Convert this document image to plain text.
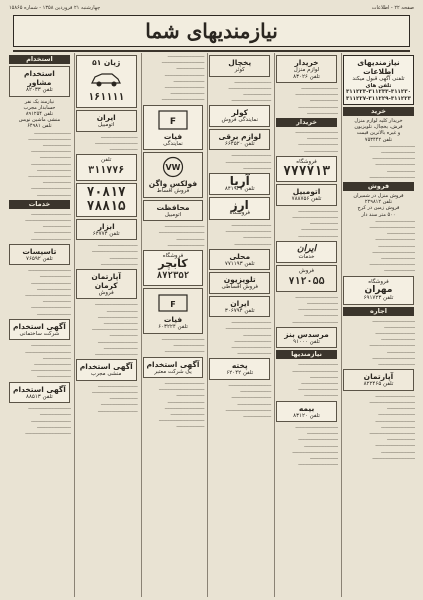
صفحه ۲۲ - اطلاعات
چهارشنبه ۲۱ فروردین ۱۳۵۸ - شماره ۱۵۸۶۵
نیازمندیهای شما
نیازمندیهای اطلاعات
تلفنی آگهی قبول میکند
تلفن های ۳۱۱۲۳۰-۳۱۱۲۳۳-۳۱۱۲۲۳
۳۱۱۲۲۷-۳۱۱۲۲۹-۳۱۱۲۲۳
خرید
خریدار کلیه لوازم منزل
فرش، یخچال، تلویزیون
و غیره بالاترین قیمت
تلفن ۷۵۳۴۴۲
ـــــــــــــــــــــــــــــــ
ـــــــــــــــــــــــ
ـــــــــــــــــــــــــــــ
ـــــــــــــــــــــــــــ
ـــــــــــــــــــ
ـــــــــــــــــــــــــــــــ
فروش
فروش منزل در شمیران
تلفن ۲۲۹۸۱۲
فروش زمین در کرج
۵۰۰ متر سند دار
ـــــــــــــــــــــــــــ
ـــــــــــــــــــــــــــــــ
ـــــــــــــــــــ
ـــــــــــــــــــــــــــ
ـــــــــــــــــــــــــ
ـــــــــــــــــــــــــــــ
ـــــــــــــــــــــــ
ـــــــــــــــــــــــــــــــ
ـــــــــــــــــــــ
فروشگاه
مهران
تلفن ۶۹۱۷۲۳
اجاره
ـــــــــــــــــــــــــــــ
ـــــــــــــــــــــ
ـــــــــــــــــــــــــــ
ـــــــــــــــــــــــ
ـــــــــــــــــــــــــــــــ
ـــــــــــــــــــ
ـــــــــــــــــــــــــــــ
ـــــــــــــــــــــــــ
آپارتمان
تلفن ۸۲۲۴۶۵
ـــــــــــــــــــــــــــ
ـــــــــــــــــــــــــــــــ
ـــــــــــــــــــ
ـــــــــــــــــــــــــ
ـــــــــــــــــــــــــــ
ـــــــــــــــــــــــ
ـــــــــــــــــــــــــــــــ
ـــــــــــــــــــ
ـــــــــــــــــــــــــــ
ـــــــــــــــــــــــ
ـــــــــــــــــــــــــــــ
خریدار
لوازم منزل
تلفن ۸۳۰۲۶
ـــــــــــــــــــــــــ
ـــــــــــــــــــــــــــــ
ـــــــــــــــــــ
ـــــــــــــــــــــــــــ
ـــــــــــــــــــــ
خریدار
ـــــــــــــــــــــــــــــ
ـــــــــــــــــــــ
ـــــــــــــــــــــــــــ
ـــــــــــــــــــــــ
فروشگاه
۷۷۷۷۱۳
اتومبیل
تلفن ۷۸۸۷۵۶
ـــــــــــــــــــــــــــ
ـــــــــــــــــــــــــــــــ
ـــــــــــــــــــ
ـــــــــــــــــــــــــ
ـــــــــــــــــــــــــــ
ایران
خدمات
فروش
۷۱۲۰۵۵
ـــــــــــــــــــــــــــــ
ـــــــــــــــــــــ
ـــــــــــــــــــــــــــ
ـــــــــــــــــــــــ
ـــــــــــــــــــــــــــــــ
مرسدس بنز
تلفن ۹۱۰۰۰
نیازمندیها
ـــــــــــــــــــــــــــ
ـــــــــــــــــــــــــــــــ
ـــــــــــــــــــ
ـــــــــــــــــــــــــ
ـــــــــــــــــــــــــــ
ـــــــــــــــــــــــ
بیمه
تلفن ۸۳۱۲۰
ـــــــــــــــــــــــــــــ
ـــــــــــــــــــــ
ـــــــــــــــــــــــــــ
ـــــــــــــــــــــــ
ـــــــــــــــــــــــــــــــ
ـــــــــــــــــــ
ـــــــــــــــــــــــــــ
یخچال
کوثر
ـــــــــــــــــــــــــ
ـــــــــــــــــــــــــــــ
ـــــــــــــــــــ
ـــــــــــــــــــــــــــ
کولر
نمایندگی فروش
لوازم برقی
تلفن ۶۶۴۵۲۰
ـــــــــــــــــــــــــــ
ـــــــــــــــــــــــــــــــ
ـــــــــــــــــــ
آریا
تلفن ۸۴۱۹۳۷
ارز
فروشگاه
ـــــــــــــــــــــــــــ
ـــــــــــــــــــــــــــــــ
ـــــــــــــــــــ
ـــــــــــــــــــــــــ
محلی
تلفن ۷۷۱۱۹۳
تلویزیون
فروش اقساطی
ایران
تلفن ۳۰۶۷۹۴
ـــــــــــــــــــــــــــ
ـــــــــــــــــــــــــــــــ
ـــــــــــــــــــ
ـــــــــــــــــــــــــ
ـــــــــــــــــــــــــــ
ـــــــــــــــــــــــ
پخته
تلفن ۶۲۰۴۲
ـــــــــــــــــــــــــــــ
ـــــــــــــــــــــ
ـــــــــــــــــــــــــــ
ـــــــــــــــــــــــ
ـــــــــــــــــــــــــــــــ
ـــــــــــــــــــ
ـــــــــــــــــــــــــ
ـــــــــــــــــــــــــــــ
ـــــــــــــــــــ
ـــــــــــــــــــــــــــ
ـــــــــــــــــــــ
ـــــــــــــــــــــــــــ
ـــــــــــــــــــــــ
ـــــــــــــــــــــــــــــ
F
فیات
نمایندگی
VW
فولکس واگن
فروش اقساط
محافظت
اتومبیل
ـــــــــــــــــــــــــــ
ـــــــــــــــــــــــــــــــ
ـــــــــــــــــــ
ـــــــــــــــــــــــــ
فروشگاه
کابچر
۸۷۲۳۵۲
F
فیات
تلفن ۶۰۳۲۲۴
ـــــــــــــــــــــــــــــ
ـــــــــــــــــــــ
ـــــــــــــــــــــــــــ
آگهی استخدام
یک شرکت معتبر
ـــــــــــــــــــــــــــ
ـــــــــــــــــــــــــــــــ
ـــــــــــــــــــ
ـــــــــــــــــــــــــ
ـــــــــــــــــــــــــــ
ـــــــــــــــــــــــ
ـــــــــــــــــــــــــــــــ
ـــــــــــــــــــ
ژیان ۵۱
۱۶۱۱۱۱
ایران
اتومبیل
ـــــــــــــــــــــــــ
ـــــــــــــــــــــــــــــ
ـــــــــــــــــــ
تلفن
۳۱۱۷۷۶
۷۰۸۱۷
۷۸۸۱۵
ابزار
تلفن ۶۴۷۷۴
ـــــــــــــــــــــــــــ
ـــــــــــــــــــــــــــــــ
ـــــــــــــــــــ
ـــــــــــــــــــــــــ
آپارتمان کرمان
فروش
ـــــــــــــــــــــــــــــ
ـــــــــــــــــــــ
ـــــــــــــــــــــــــــ
ـــــــــــــــــــــــ
ـــــــــــــــــــــــــــــــ
ـــــــــــــــــــ
ـــــــــــــــــــــــــــ
ـــــــــــــــــــــــ
ـــــــــــــــــــــــــــــ
آگهی استخدام
منشی مجرب
ـــــــــــــــــــــــــــ
ـــــــــــــــــــــــــــــــ
ـــــــــــــــــــ
ـــــــــــــــــــــــــ
ـــــــــــــــــــــــــــ
استخدام
استخدام مشاور
تلفن ۸۲۰۳۳
نیازمند یک نفر
حسابدار مجرب
تلفن ۸۹۱۲۵۴
منشی ماشین نویس
تلفن ۶۴۹۸۱
ـــــــــــــــــــــــــ
ـــــــــــــــــــــــــــــ
ـــــــــــــــــــ
ـــــــــــــــــــــــــــ
ـــــــــــــــــــــ
ـــــــــــــــــــــــــــ
ـــــــــــــــــــــــ
ـــــــــــــــــــــــــــــ
ـــــــــــــــــــ
ـــــــــــــــــــــــــــ
ـــــــــــــــــــــــ
خدمات
ـــــــــــــــــــــــــــ
ـــــــــــــــــــــــــــــــ
ـــــــــــــــــــ
ـــــــــــــــــــــــــ
ـــــــــــــــــــــــــــ
تاسیسات
تلفن ۷۶۵۹۲
ـــــــــــــــــــــــــــــ
ـــــــــــــــــــــ
ـــــــــــــــــــــــــــ
ـــــــــــــــــــــــ
ـــــــــــــــــــــــــــــــ
ـــــــــــــــــــ
ـــــــــــــــــــــــــــ
ـــــــــــــــــــــــ
آگهی استخدام
شرکت ساختمانی
ـــــــــــــــــــــــــــ
ـــــــــــــــــــــــــــــــ
ـــــــــــــــــــ
ـــــــــــــــــــــــــ
ـــــــــــــــــــــــــــ
ـــــــــــــــــــــــ
آگهی استخدام
تلفن ۸۸۵۱۳
ـــــــــــــــــــــــــــــ
ـــــــــــــــــــــ
ـــــــــــــــــــــــــــ
ـــــــــــــــــــــــ
ـــــــــــــــــــــــــــــــ
